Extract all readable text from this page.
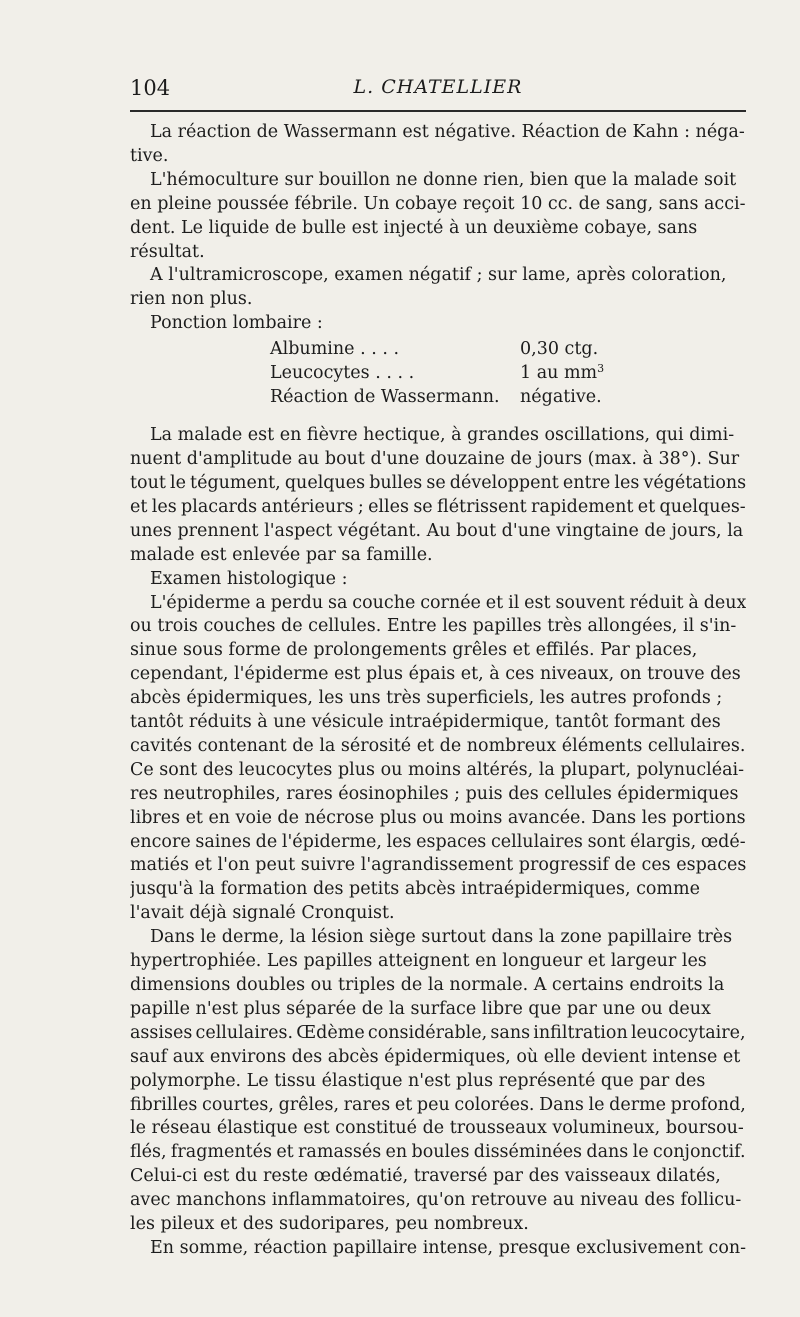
104	L. CHATELLIER
La réaction de Wassermann est négative. Réaction de Kahn : néga-
tive.
L'hémoculture sur bouillon ne donne rien, bien que la malade soit
en pleine poussée fébrile. Un cobaye reçoit 10 cc. de sang, sans acci-
dent. Le liquide de bulle est injecté à un deuxième cobaye, sans
résultat.
A l'ultramicroscope, examen négatif ; sur lame, après coloration,
rien non plus.
Ponction lombaire :
Albumine . . . .	0,30 ctg.
Leucocytes . . . .	1 au $mm^3$
Réaction de Wassermann.	négative.
La malade est en fièvre hectique, à grandes oscillations, qui dimi-
nuent d'amplitude au bout d'une douzaine de jours (max. à 38°). Sur
tout le tégument, quelques bulles se développent entre les végétations
et les placards antérieurs ; elles se flétrissent rapidement et quelques-
unes prennent l'aspect végétant. Au bout d'une vingtaine de jours, la
malade est enlevée par sa famille.
Examen histologique :
L'épiderme a perdu sa couche cornée et il est souvent réduit à deux
ou trois couches de cellules. Entre les papilles très allongées, il s'in-
sinue sous forme de prolongements grêles et effilés. Par places,
cependant, l'épiderme est plus épais et, à ces niveaux, on trouve des
abcès épidermiques, les uns très superficiels, les autres profonds ;
tantôt réduits à une vésicule intraépidermique, tantôt formant des
cavités contenant de la sérosité et de nombreux éléments cellulaires.
Ce sont des leucocytes plus ou moins altérés, la plupart, polynucléai-
res neutrophiles, rares éosinophiles ; puis des cellules épidermiques
libres et en voie de nécrose plus ou moins avancée. Dans les portions
encore saines de l'épiderme, les espaces cellulaires sont élargis, œdé-
matiés et l'on peut suivre l'agrandissement progressif de ces espaces
jusqu'à la formation des petits abcès intraépidermiques, comme
l'avait déjà signalé Cronquist.
Dans le derme, la lésion siège surtout dans la zone papillaire très
hypertrophiée. Les papilles atteignent en longueur et largeur les
dimensions doubles ou triples de la normale. A certains endroits la
papille n'est plus séparée de la surface libre que par une ou deux
assises cellulaires. Œdème considérable, sans infiltration leucocytaire,
sauf aux environs des abcès épidermiques, où elle devient intense et
polymorphe. Le tissu élastique n'est plus représenté que par des
fibrilles courtes, grêles, rares et peu colorées. Dans le derme profond,
le réseau élastique est constitué de trousseaux volumineux, boursou-
flés, fragmentés et ramassés en boules disséminées dans le conjonctif.
Celui-ci est du reste œdématié, traversé par des vaisseaux dilatés,
avec manchons inflammatoires, qu'on retrouve au niveau des follicu-
les pileux et des sudoripares, peu nombreux.
En somme, réaction papillaire intense, presque exclusivement con-
